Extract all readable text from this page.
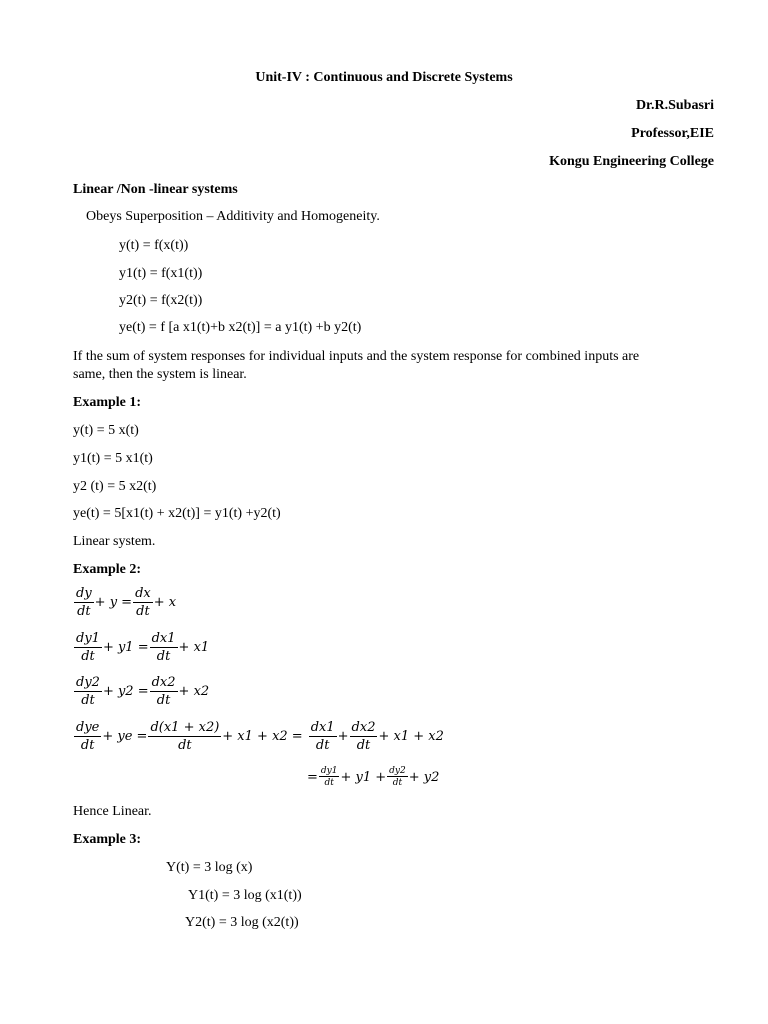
Unit-IV : Continuous and Discrete Systems
Dr.R.Subasri
Professor,EIE
Kongu Engineering College
Linear /Non -linear systems
Obeys Superposition – Additivity and Homogeneity.
y(t) = f(x(t))
y1(t) = f(x1(t))
y2(t) = f(x2(t))
ye(t) = f [a x1(t)+b x2(t)] = a y1(t) +b y2(t)
If the sum of system responses for individual inputs and the system response for combined inputs are
same, then the system is linear.
Example 1:
y(t) = 5 x(t)
y1(t) = 5 x1(t)
y2 (t) = 5 x2(t)
ye(t) = 5[x1(t) + x2(t)] = y1(t) +y2(t)
Linear system.
Example 2:
$\frac{dy}{dt} + y = \frac{dx}{dt} + x$
$\frac{dy1}{dt} + y1 = \frac{dx1}{dt} + x1$
$\frac{dy2}{dt} + y2 = \frac{dx2}{dt} + x2$
$\frac{\text{dye}}{dt}$ + ye = $\frac{d(x1 + x2)}{dt} + x1 + x2 = \frac{dx1}{dt} + \frac{dx2}{dt} + x1 + x2$
= $\frac{dy1}{dt} + y1 + \frac{dy2}{dt} + y2$
Hence Linear.
Example 3:
Y(t) = 3 log (x)
Y1(t) = 3 log (x1(t))
Y2(t) = 3 log (x2(t))
